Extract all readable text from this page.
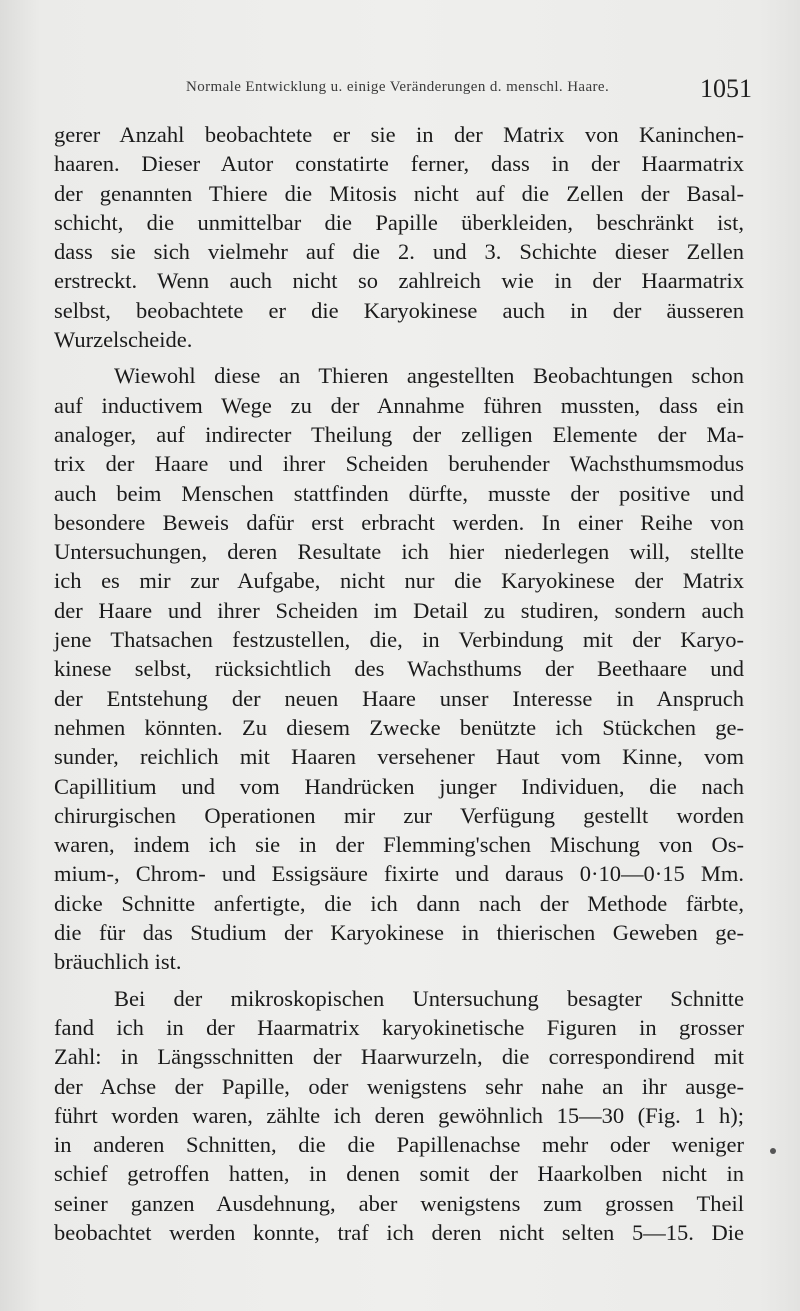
Normale Entwicklung u. einige Veränderungen d. menschl. Haare.	1051
gerer Anzahl beobachtete er sie in der Matrix von Kaninchen-
haaren. Dieser Autor constatirte ferner, dass in der Haarmatrix
der genannten Thiere die Mitosis nicht auf die Zellen der Basal-
schicht, die unmittelbar die Papille überkleiden, beschränkt ist,
dass sie sich vielmehr auf die 2. und 3. Schichte dieser Zellen
erstreckt. Wenn auch nicht so zahlreich wie in der Haarmatrix
selbst, beobachtete er die Karyokinese auch in der äusseren
Wurzelscheide.
Wiewohl diese an Thieren angestellten Beobachtungen schon
auf inductivem Wege zu der Annahme führen mussten, dass ein
analoger, auf indirecter Theilung der zelligen Elemente der Ma-
trix der Haare und ihrer Scheiden beruhender Wachsthumsmodus
auch beim Menschen stattfinden dürfte, musste der positive und
besondere Beweis dafür erst erbracht werden. In einer Reihe von
Untersuchungen, deren Resultate ich hier niederlegen will, stellte
ich es mir zur Aufgabe, nicht nur die Karyokinese der Matrix
der Haare und ihrer Scheiden im Detail zu studiren, sondern auch
jene Thatsachen festzustellen, die, in Verbindung mit der Karyo-
kinese selbst, rücksichtlich des Wachsthums der Beethaare und
der Entstehung der neuen Haare unser Interesse in Anspruch
nehmen könnten. Zu diesem Zwecke benützte ich Stückchen ge-
sunder, reichlich mit Haaren versehener Haut vom Kinne, vom
Capillitium und vom Handrücken junger Individuen, die nach
chirurgischen Operationen mir zur Verfügung gestellt worden
waren, indem ich sie in der Flemming'schen Mischung von Os-
mium-, Chrom- und Essigsäure fixirte und daraus 0·10—0·15 Mm.
dicke Schnitte anfertigte, die ich dann nach der Methode färbte,
die für das Studium der Karyokinese in thierischen Geweben ge-
bräuchlich ist.
Bei der mikroskopischen Untersuchung besagter Schnitte
fand ich in der Haarmatrix karyokinetische Figuren in grosser
Zahl: in Längsschnitten der Haarwurzeln, die correspondirend mit
der Achse der Papille, oder wenigstens sehr nahe an ihr ausge-
führt worden waren, zählte ich deren gewöhnlich 15—30 (Fig. 1 h);
in anderen Schnitten, die die Papillenachse mehr oder weniger
schief getroffen hatten, in denen somit der Haarkolben nicht in
seiner ganzen Ausdehnung, aber wenigstens zum grossen Theil
beobachtet werden konnte, traf ich deren nicht selten 5—15. Die
